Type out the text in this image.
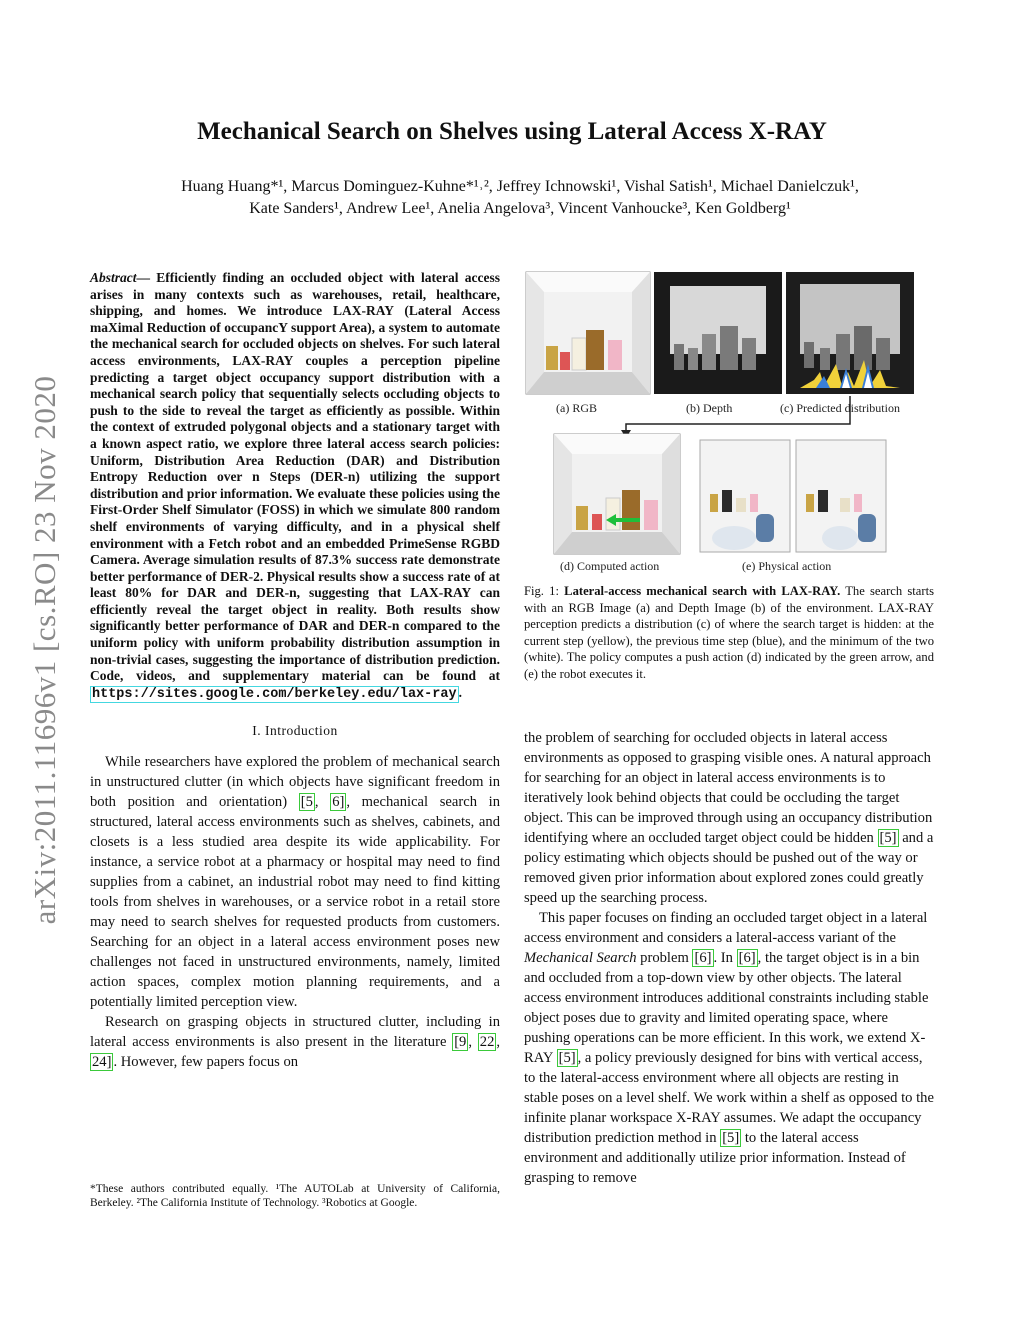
arXiv:2011.11696v1 [cs.RO] 23 Nov 2020
Mechanical Search on Shelves using Lateral Access X-RAY
Huang Huang*¹, Marcus Dominguez-Kuhne*¹˒², Jeffrey Ichnowski¹, Vishal Satish¹, Michael Danielczuk¹,
Kate Sanders¹, Andrew Lee¹, Anelia Angelova³, Vincent Vanhoucke³, Ken Goldberg¹
Abstract— Efficiently finding an occluded object with lateral access arises in many contexts such as warehouses, retail, healthcare, shipping, and homes. We introduce LAX-RAY (Lateral Access maXimal Reduction of occupancY support Area), a system to automate the mechanical search for occluded objects on shelves. For such lateral access environments, LAX-RAY couples a perception pipeline predicting a target object occupancy support distribution with a mechanical search policy that sequentially selects occluding objects to push to the side to reveal the target as efficiently as possible. Within the context of extruded polygonal objects and a stationary target with a known aspect ratio, we explore three lateral access search policies: Uniform, Distribution Area Reduction (DAR) and Distribution Entropy Reduction over n Steps (DER-n) utilizing the support distribution and prior information. We evaluate these policies using the First-Order Shelf Simulator (FOSS) in which we simulate 800 random shelf environments of varying difficulty, and in a physical shelf environment with a Fetch robot and an embedded PrimeSense RGBD Camera. Average simulation results of 87.3% success rate demonstrate better performance of DER-2. Physical results show a success rate of at least 80% for DAR and DER-n, suggesting that LAX-RAY can efficiently reveal the target object in reality. Both results show significantly better performance of DAR and DER-n compared to the uniform policy with uniform probability distribution assumption in non-trivial cases, suggesting the importance of distribution prediction. Code, videos, and supplementary material can be found at https://sites.google.com/berkeley.edu/lax-ray .
I. Introduction

While researchers have explored the problem of mechanical search in unstructured clutter (in which objects have significant freedom in both position and orientation) [5 , 6] , mechanical search in structured, lateral access environments such as shelves, cabinets, and closets is a less studied area despite its wide applicability. For instance, a service robot at a pharmacy or hospital may need to find supplies from a cabinet, an industrial robot may need to find kitting tools from shelves in warehouses, or a service robot in a retail store may need to search shelves for requested products from customers. Searching for an object in a lateral access environment poses new challenges not faced in unstructured environments, namely, limited action spaces, complex motion planning requirements, and a potentially limited perception view.

Research on grasping objects in structured clutter, including in lateral access environments is also present in the literature [9 , 22 , 24] . However, few papers focus on

*These authors contributed equally. ¹The AUTOLab at University of California, Berkeley. ²The California Institute of Technology. ³Robotics at Google.
(a) RGB	(b) Depth	(c) Predicted distribution
(d) Computed action	(e) Physical action
Fig. 1: Lateral-access mechanical search with LAX-RAY. The search starts with an RGB Image (a) and Depth Image (b) of the environment. LAX-RAY perception predicts a distribution (c) of where the search target is hidden: at the current step (yellow), the previous time step (blue), and the minimum of the two (white). The policy computes a push action (d) indicated by the green arrow, and (e) the robot executes it.

the problem of searching for occluded objects in lateral access environments as opposed to grasping visible ones. A natural approach for searching for an object in lateral access environments is to iteratively look behind objects that could be occluding the target object. This can be improved through using an occupancy distribution identifying where an occluded target object could be hidden [5] and a policy estimating which objects should be pushed out of the way or removed given prior information about explored zones could greatly speed up the searching process.

This paper focuses on finding an occluded target object in a lateral access environment and considers a lateral-access variant of the Mechanical Search problem [6] . In [6] , the target object is in a bin and occluded from a top-down view by other objects. The lateral access environment introduces additional constraints including stable object poses due to gravity and limited operating space, where pushing operations can be more efficient. In this work, we extend X-RAY [5] , a policy previously designed for bins with vertical access, to the lateral-access environment where all objects are resting in stable poses on a level shelf. We work within a shelf as opposed to the infinite planar workspace X-RAY assumes. We adapt the occupancy distribution prediction method in [5] to the lateral access environment and additionally utilize prior information. Instead of grasping to remove
